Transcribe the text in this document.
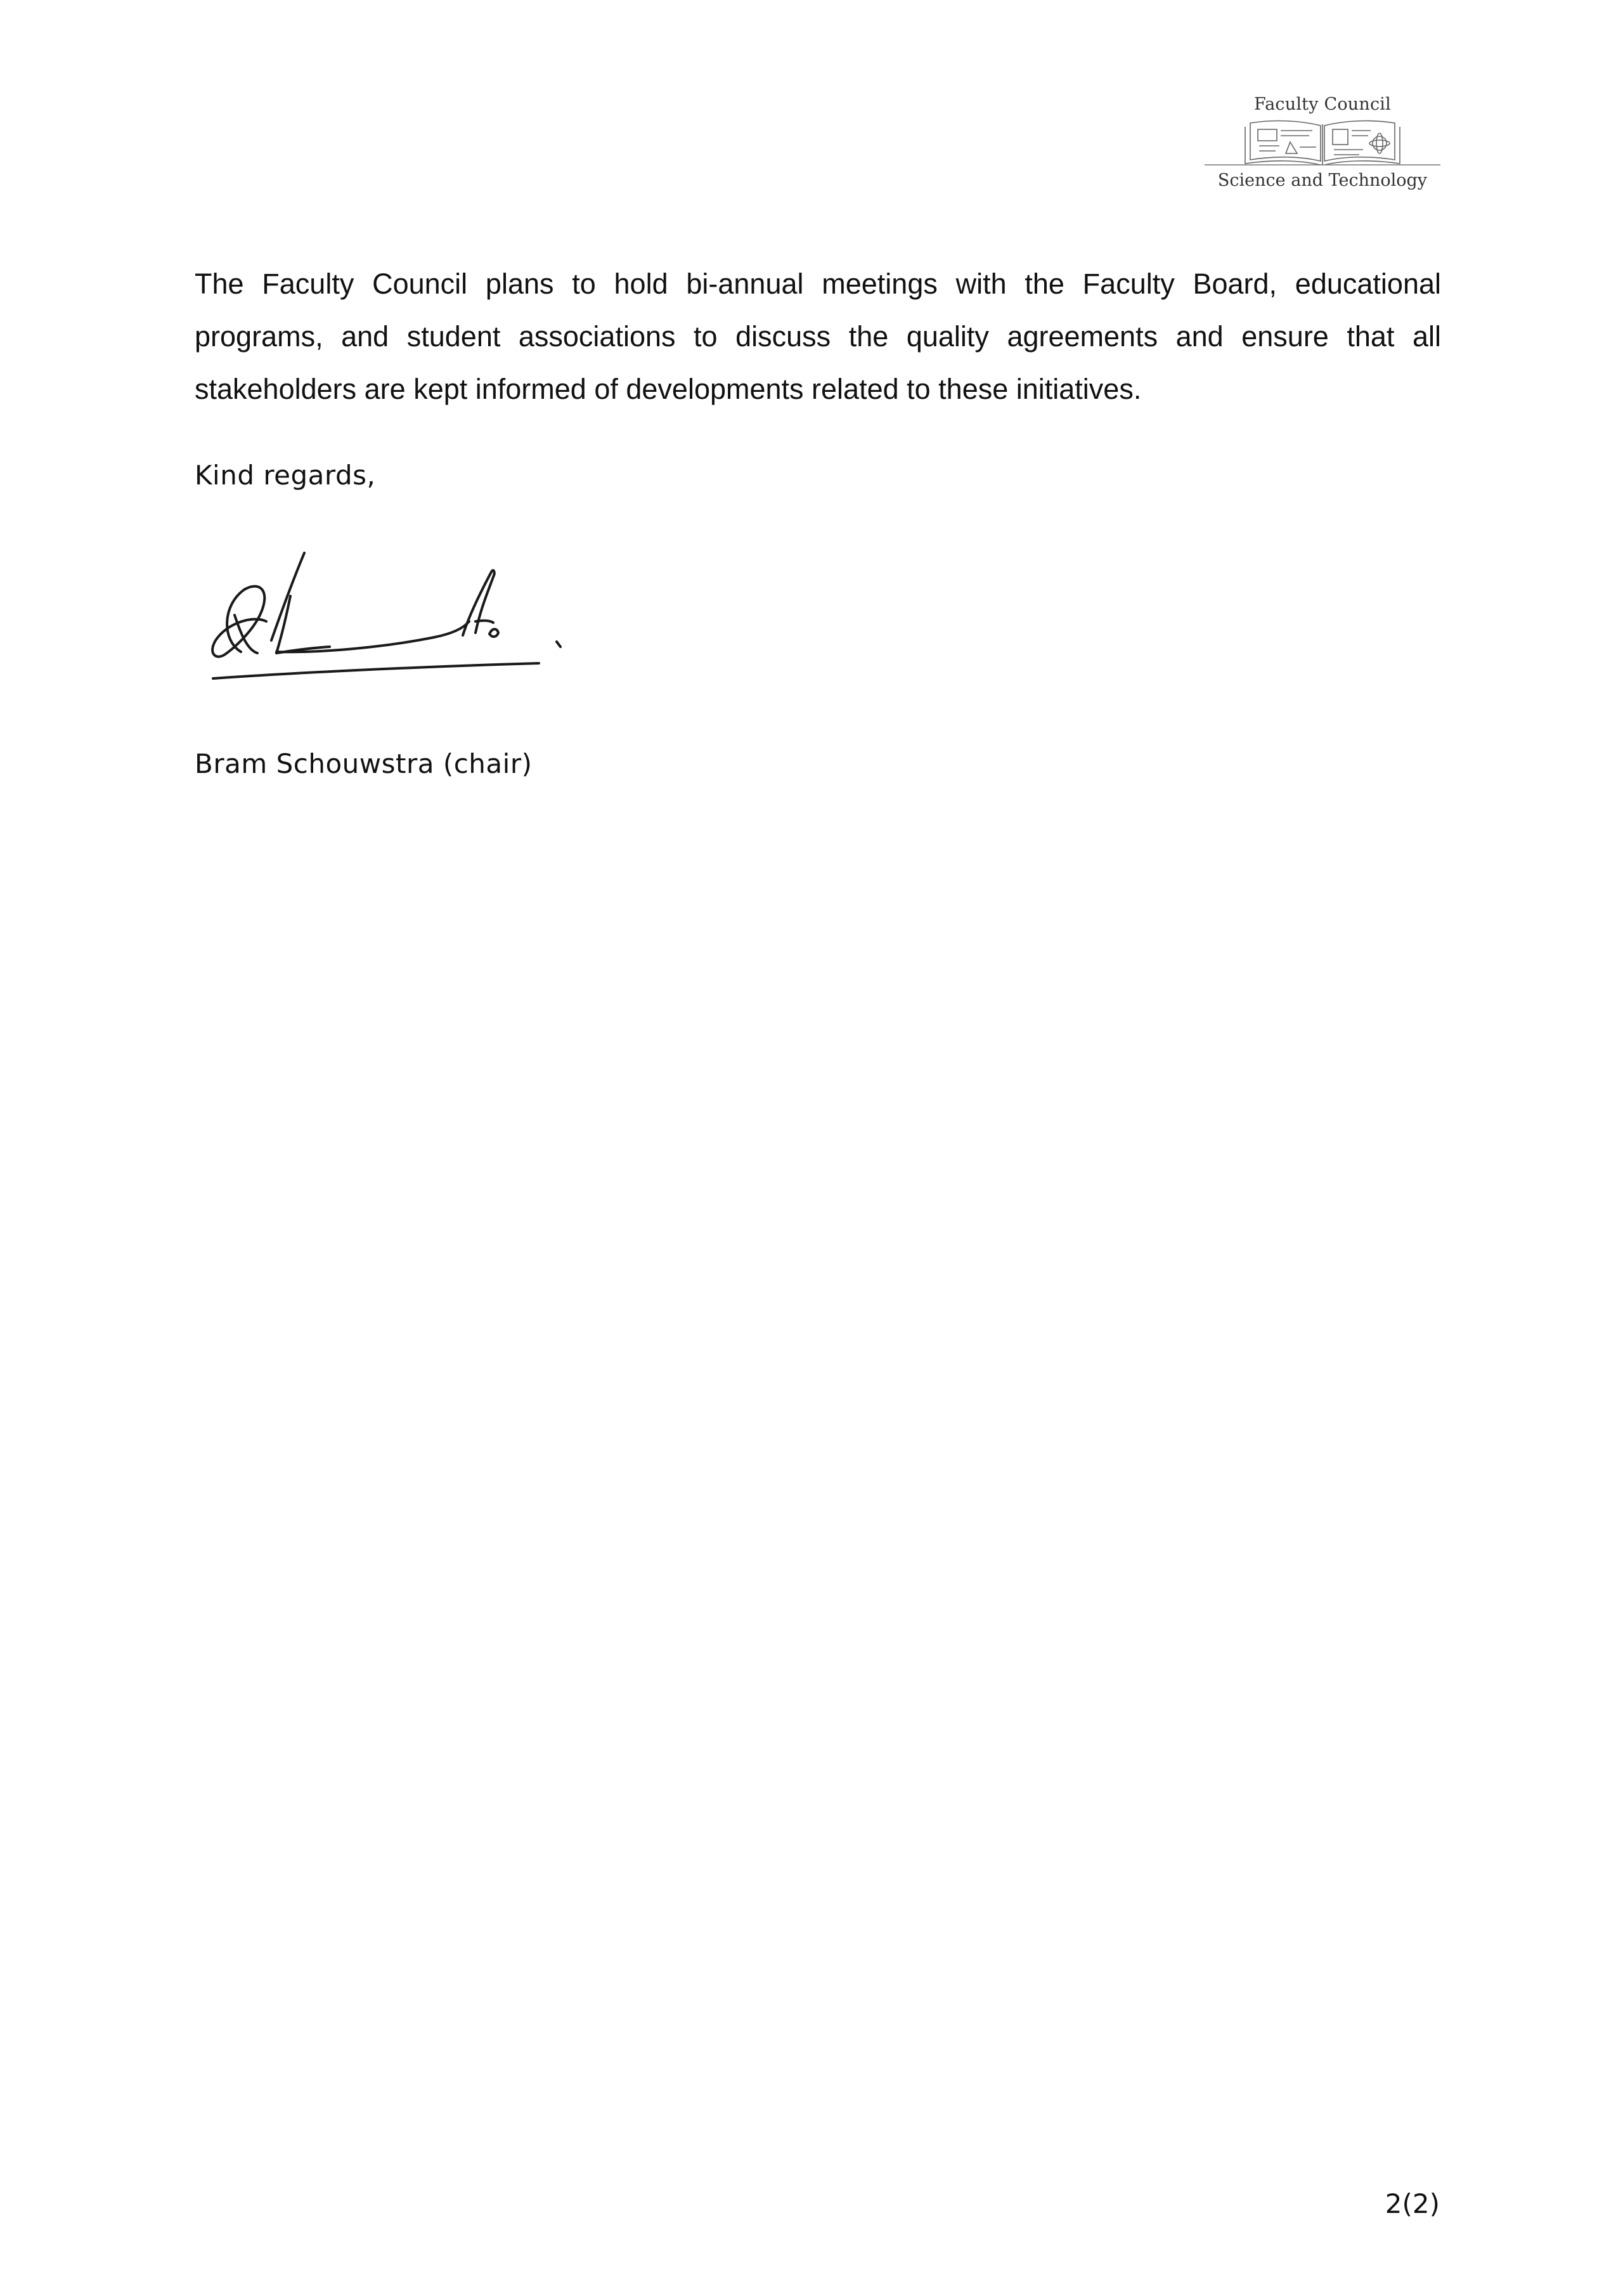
Faculty Council
Science and Technology

The Faculty Council plans to hold bi-annual meetings with the Faculty Board, educational programs, and student associations to discuss the quality agreements and ensure that all stakeholders are kept informed of developments related to these initiatives.

Kind regards,
Bram Schouwstra (chair)
2(2)
